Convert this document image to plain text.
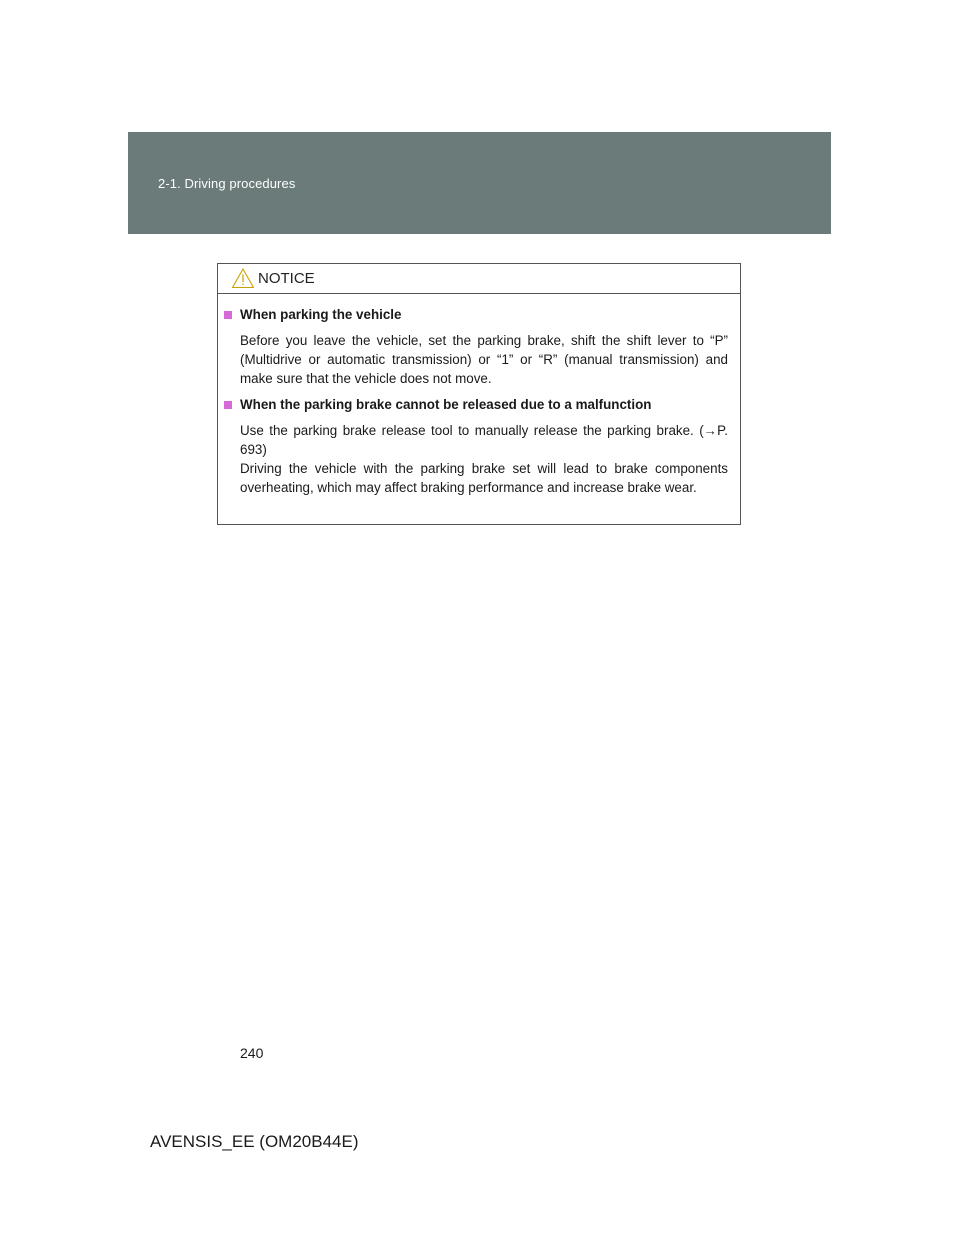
2-1. Driving procedures
NOTICE
When parking the vehicle

Before you leave the vehicle, set the parking brake, shift the shift lever to “P” (Multidrive or automatic transmission) or “1” or “R” (manual transmission) and make sure that the vehicle does not move.

When the parking brake cannot be released due to a malfunction

Use the parking brake release tool to manually release the parking brake. (→P. 693)

Driving the vehicle with the parking brake set will lead to brake components overheating, which may affect braking performance and increase brake wear.

240
AVENSIS_EE (OM20B44E)
